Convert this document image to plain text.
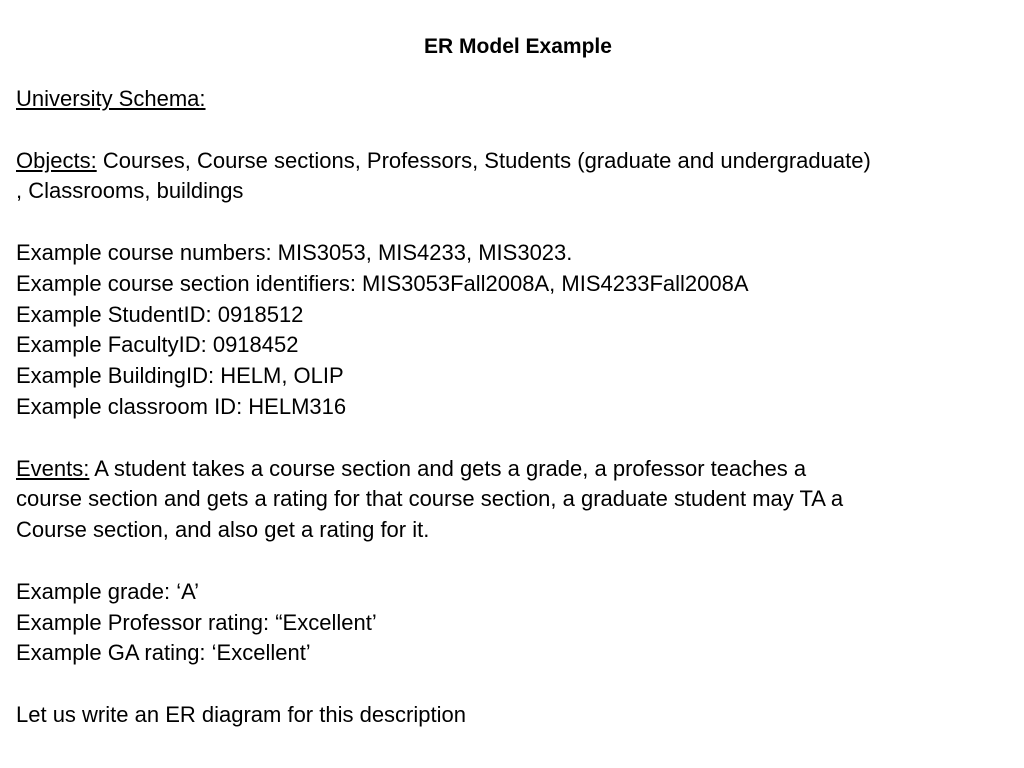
ER Model Example
University Schema:
Objects: Courses, Course sections, Professors, Students (graduate and undergraduate)
, Classrooms, buildings
Example course numbers: MIS3053, MIS4233, MIS3023.
Example course section identifiers: MIS3053Fall2008A, MIS4233Fall2008A
Example StudentID: 0918512
Example FacultyID: 0918452
Example BuildingID: HELM, OLIP
Example classroom ID: HELM316
Events: A student takes a course section and gets a grade, a professor teaches a
course section and gets a rating for that course section, a graduate student may TA a
Course section, and also get a rating for it.
Example grade: ‘A’
Example Professor rating: “Excellent’
Example GA rating: ‘Excellent’
Let us write an ER diagram for this description
